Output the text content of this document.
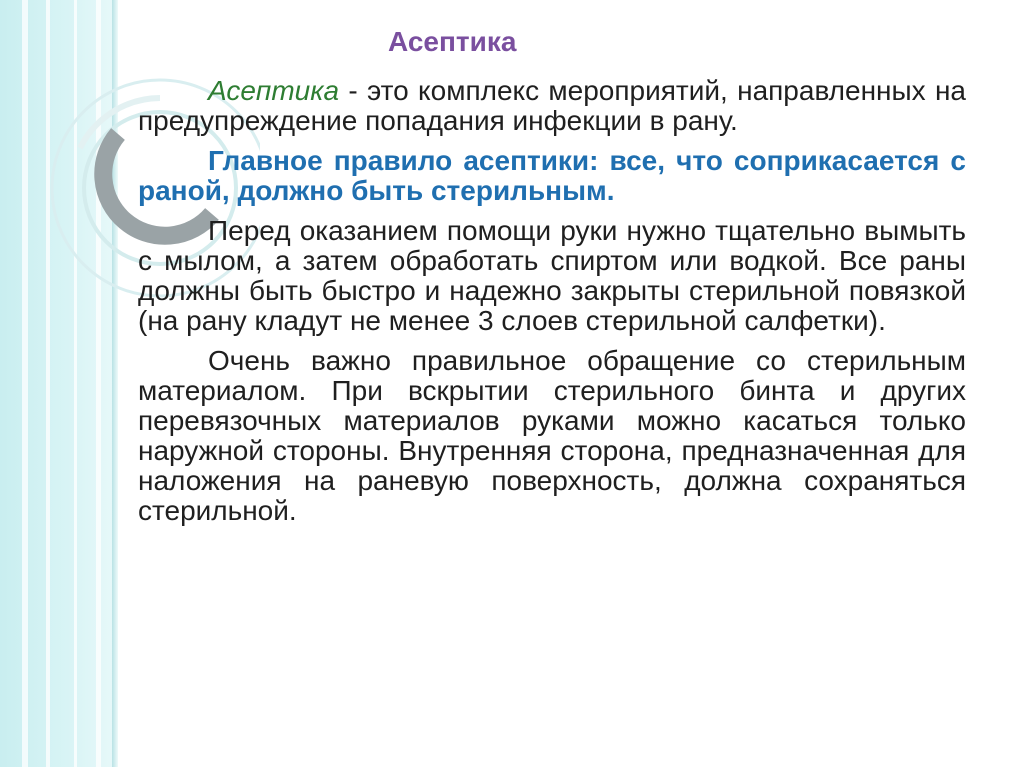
Асептика

Асептика - это комплекс мероприятий, направленных на предупреждение попадания инфекции в рану.

Главное правило асептики: все, что соприкасается с раной, должно быть стерильным.

Перед оказанием помощи руки нужно тщательно вымыть с мылом, а затем обработать спиртом или водкой. Все раны должны быть быстро и надежно закрыты стерильной повязкой (на рану кладут не менее 3 слоев стерильной салфетки).

Очень важно правильное обращение со стерильным материалом. При вскрытии стерильного бинта и других перевязочных материалов руками можно касаться только наружной стороны. Внутренняя сторона, предназначенная для наложения на раневую поверхность, должна сохраняться стерильной.
